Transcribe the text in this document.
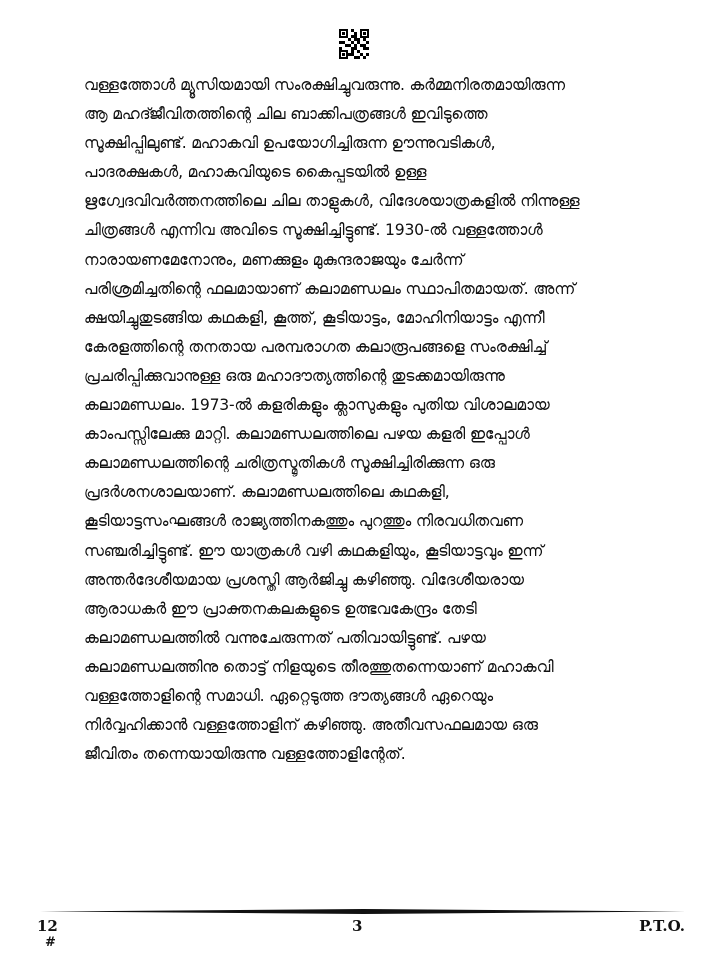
വള്ളത്തോൾ മ്യൂസിയമായി സംരക്ഷിച്ചുവരുന്നു. കർമ്മനിരതമായിരുന്ന
ആ മഹദ്ജീവിതത്തിന്റെ ചില ബാക്കിപത്രങ്ങൾ ഇവിടുത്തെ
സൂക്ഷിപ്പിലുണ്ട്. മഹാകവി ഉപയോഗിച്ചിരുന്ന ഊന്നുവടികൾ,
പാദരക്ഷകൾ, മഹാകവിയുടെ കൈപ്പടയിൽ ഉള്ള
ഋഗ്വേദവിവർത്തനത്തിലെ ചില താളുകൾ, വിദേശയാത്രകളിൽ നിന്നുള്ള
ചിത്രങ്ങൾ എന്നിവ അവിടെ സൂക്ഷിച്ചിട്ടുണ്ട്. 1930-ൽ വള്ളത്തോൾ
നാരായണമേനോനും, മണക്കുളം മുകുന്ദരാജയും ചേർന്ന്
പരിശ്രമിച്ചതിന്റെ ഫലമായാണ് കലാമണ്ഡലം സ്ഥാപിതമായത്. അന്ന്
ക്ഷയിച്ചുതുടങ്ങിയ കഥകളി, കൂത്ത്, കൂടിയാട്ടം, മോഹിനിയാട്ടം എന്നീ
കേരളത്തിന്റെ തനതായ പരമ്പരാഗത കലാരൂപങ്ങളെ സംരക്ഷിച്ച്
പ്രചരിപ്പിക്കുവാനുള്ള ഒരു മഹാദൗത്യത്തിന്റെ തുടക്കമായിരുന്നു
കലാമണ്ഡലം. 1973-ൽ കളരികളും ക്ലാസുകളും പുതിയ വിശാലമായ
കാംപസ്സിലേക്കു മാറ്റി. കലാമണ്ഡലത്തിലെ പഴയ കളരി ഇപ്പോൾ
കലാമണ്ഡലത്തിന്റെ ചരിത്രസ്മൃതികൾ സൂക്ഷിച്ചിരിക്കുന്ന ഒരു
പ്രദർശനശാലയാണ്. കലാമണ്ഡലത്തിലെ കഥകളി,
കൂടിയാട്ടസംഘങ്ങൾ രാജ്യത്തിനകത്തും പുറത്തും നിരവധിതവണ
സഞ്ചരിച്ചിട്ടുണ്ട്. ഈ യാത്രകൾ വഴി കഥകളിയും, കൂടിയാട്ടവും ഇന്ന്
അന്തർദേശീയമായ പ്രശസ്തി ആർജിച്ചു കഴിഞ്ഞു. വിദേശീയരായ
ആരാധകർ ഈ പ്രാക്തനകലകളുടെ ഉത്ഭവകേന്ദ്രം തേടി
കലാമണ്ഡലത്തിൽ വന്നുചേരുന്നത് പതിവായിട്ടുണ്ട്. പഴയ
കലാമണ്ഡലത്തിനു തൊട്ട് നിളയുടെ തീരത്തുതന്നെയാണ് മഹാകവി
വള്ളത്തോളിന്റെ സമാധി. ഏറ്റെടുത്ത ദൗത്യങ്ങൾ ഏറെയും
നിർവ്വഹിക്കാൻ വള്ളത്തോളിന് കഴിഞ്ഞു. അതീവസഫലമായ ഒരു
ജീവിതം തന്നെയായിരുന്നു വള്ളത്തോളിന്റേത്.
12
#
3	P.T.O.
